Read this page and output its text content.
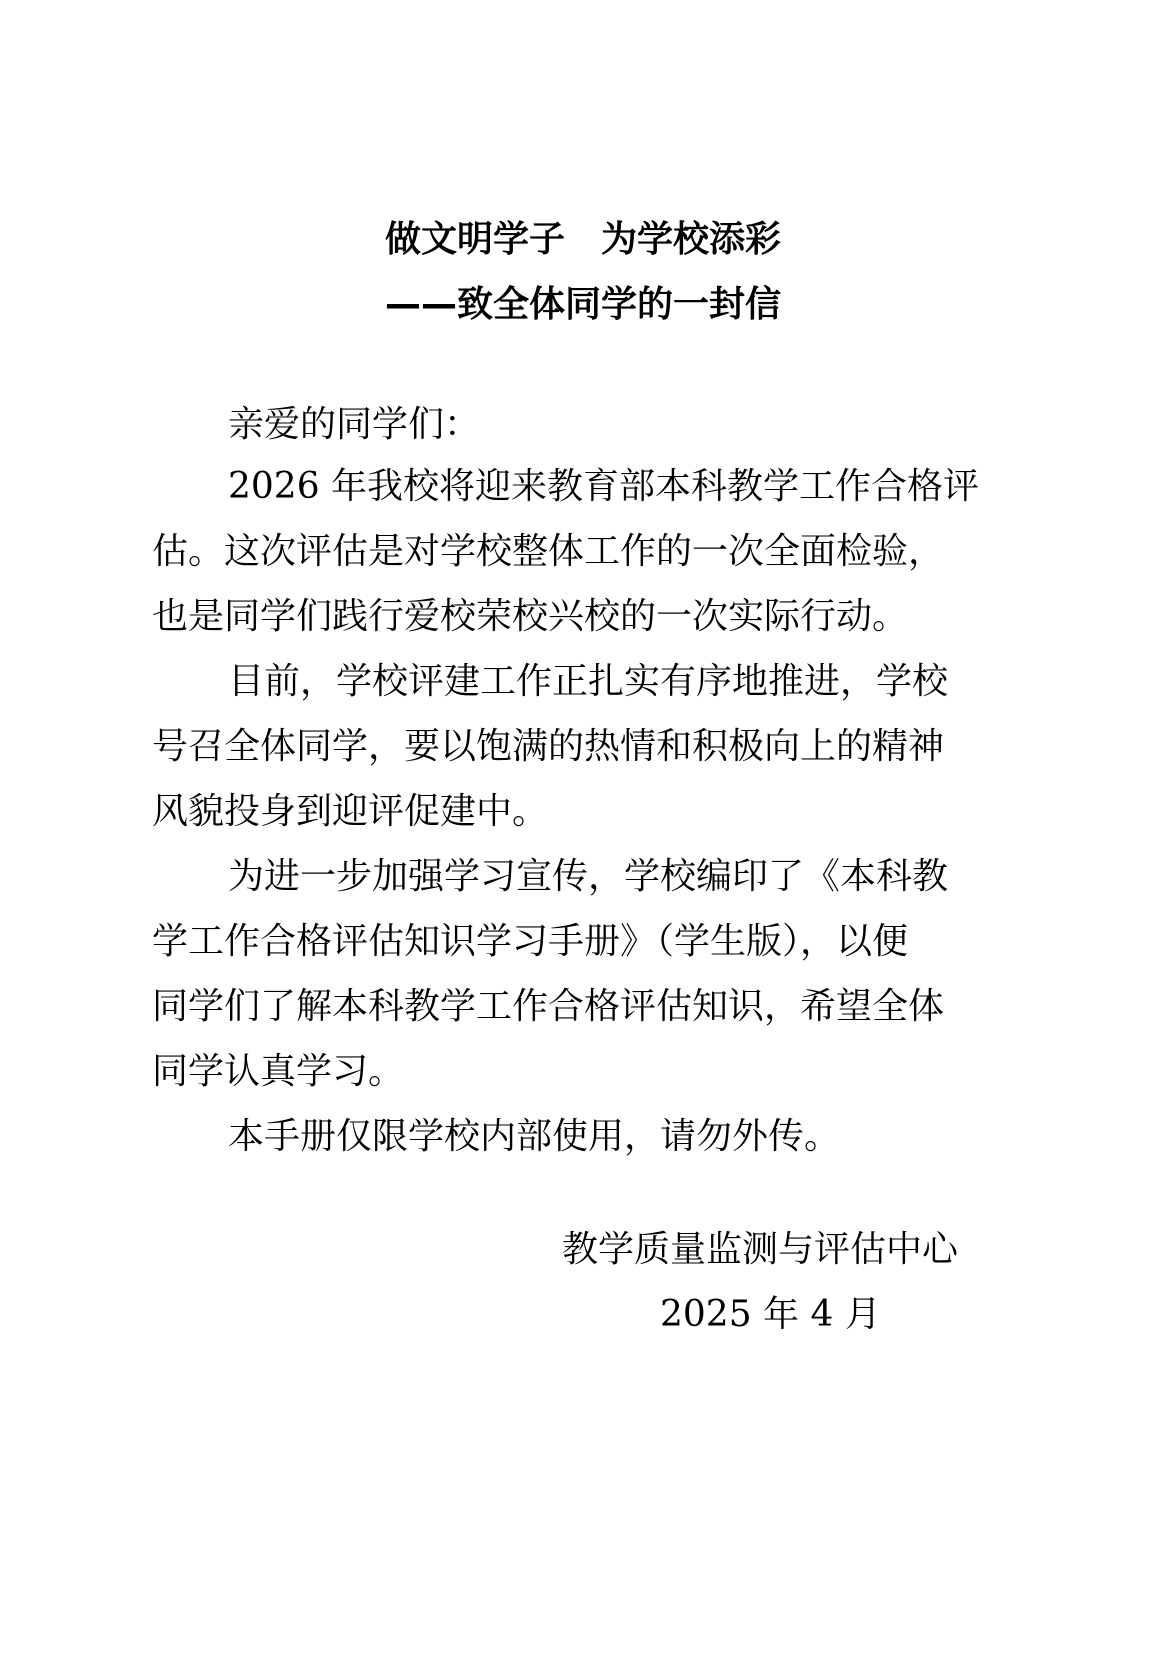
做文明学子　为学校添彩
——致全体同学的一封信
亲爱的同学们：
2026 年我校将迎来教育部本科教学工作合格评
估。这次评估是对学校整体工作的一次全面检验，
也是同学们践行爱校荣校兴校的一次实际行动。
目前，学校评建工作正扎实有序地推进，学校
号召全体同学，要以饱满的热情和积极向上的精神
风貌投身到迎评促建中。
为进一步加强学习宣传，学校编印了《本科教
学工作合格评估知识学习手册》（学生版），以便
同学们了解本科教学工作合格评估知识，希望全体
同学认真学习。
本手册仅限学校内部使用，请勿外传。
教学质量监测与评估中心
2025 年 4 月
